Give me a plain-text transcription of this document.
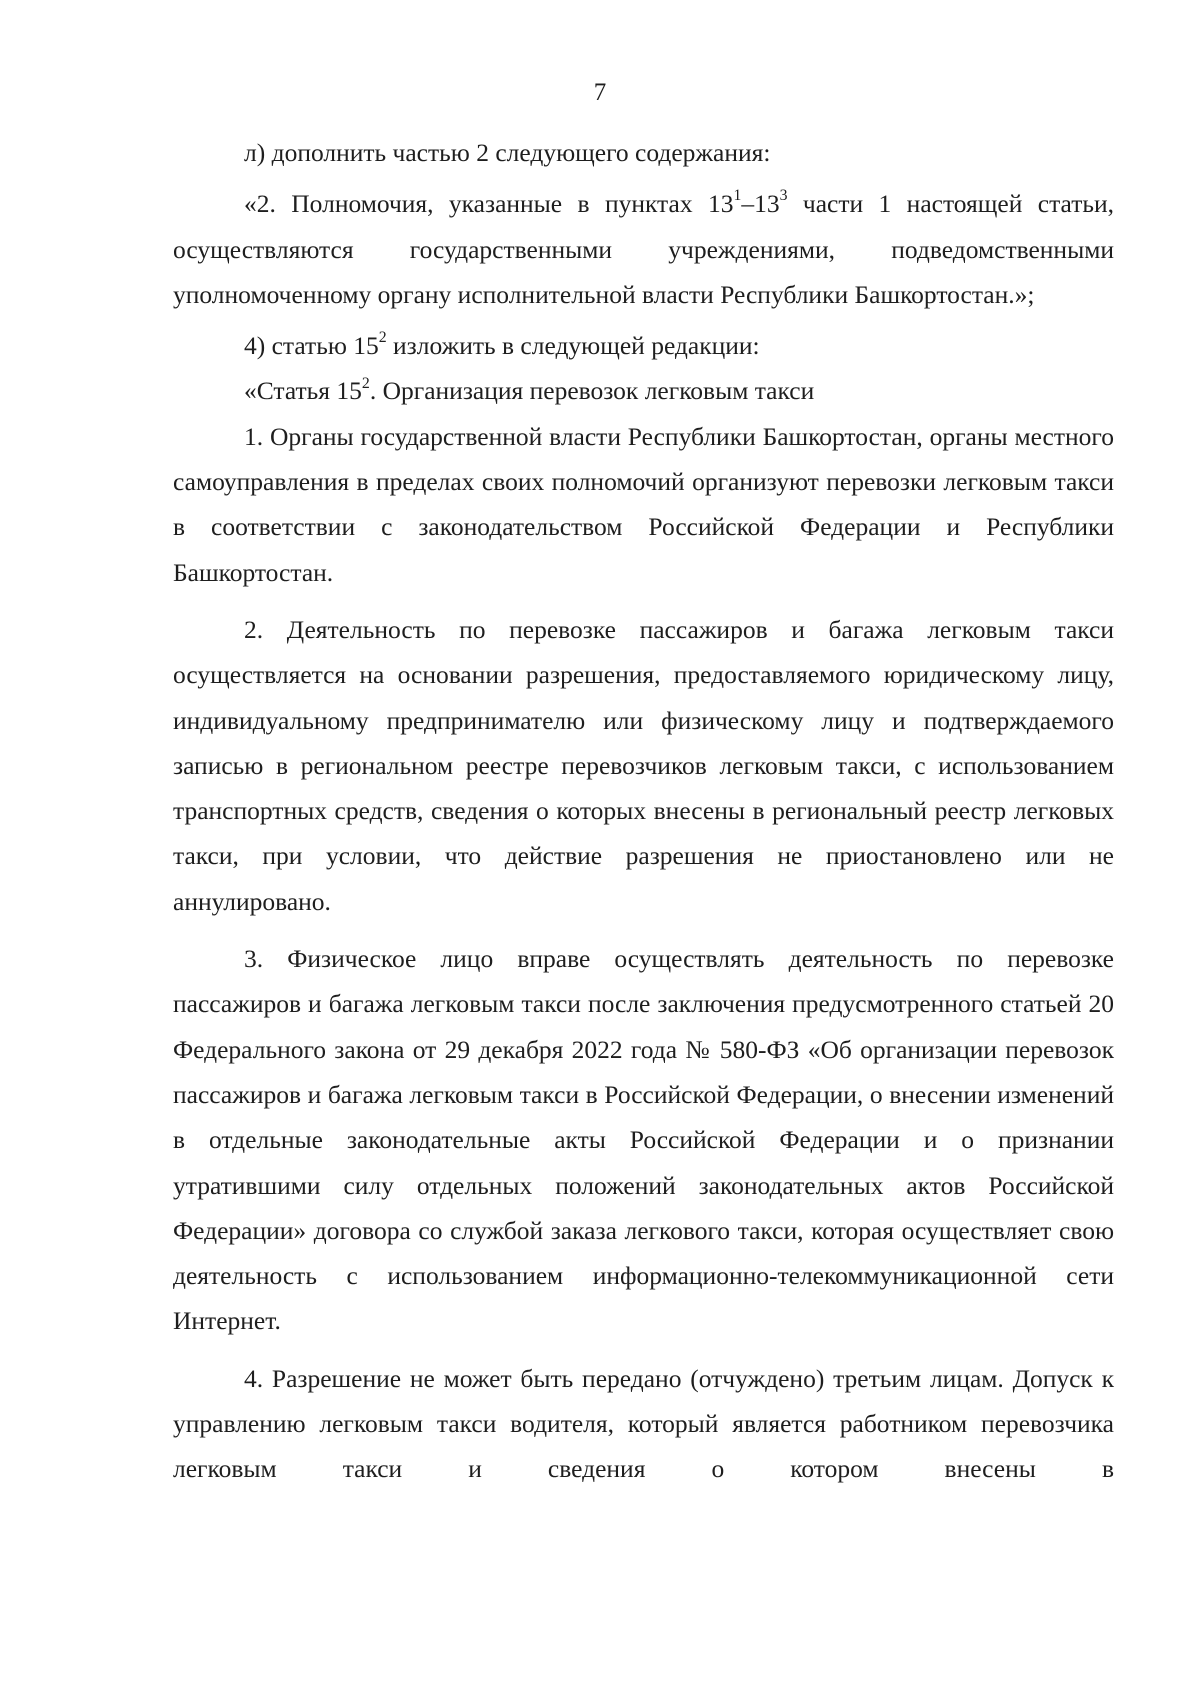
7

л) дополнить частью 2 следующего содержания:

«2. Полномочия, указанные в пунктах $13^1-13^3$ части 1 настоящей статьи, осуществляются государственными учреждениями, подведомственными уполномоченному органу исполнительной власти Республики Башкортостан.»;

4) статью $15^2$ изложить в следующей редакции:

«Статья $15^2$. Организация перевозок легковым такси

1. Органы государственной власти Республики Башкортостан, органы местного самоуправления в пределах своих полномочий организуют перевозки легковым такси в соответствии с законодательством Российской Федерации и Республики Башкортостан.

2. Деятельность по перевозке пассажиров и багажа легковым такси осуществляется на основании разрешения, предоставляемого юридическому лицу, индивидуальному предпринимателю или физическому лицу и подтверждаемого записью в региональном реестре перевозчиков легковым такси, с использованием транспортных средств, сведения о которых внесены в региональный реестр легковых такси, при условии, что действие разрешения не приостановлено или не аннулировано.

3. Физическое лицо вправе осуществлять деятельность по перевозке пассажиров и багажа легковым такси после заключения предусмотренного статьей 20 Федерального закона от 29 декабря 2022 года № 580-ФЗ «Об организации перевозок пассажиров и багажа легковым такси в Российской Федерации, о внесении изменений в отдельные законодательные акты Российской Федерации и о признании утратившими силу отдельных положений законодательных актов Российской Федерации» договора со службой заказа легкового такси, которая осуществляет свою деятельность с использованием информационно-телекоммуникационной сети Интернет.

4. Разрешение не может быть передано (отчуждено) третьим лицам. Допуск к управлению легковым такси водителя, который является работником перевозчика легковым такси и сведения о котором внесены в
